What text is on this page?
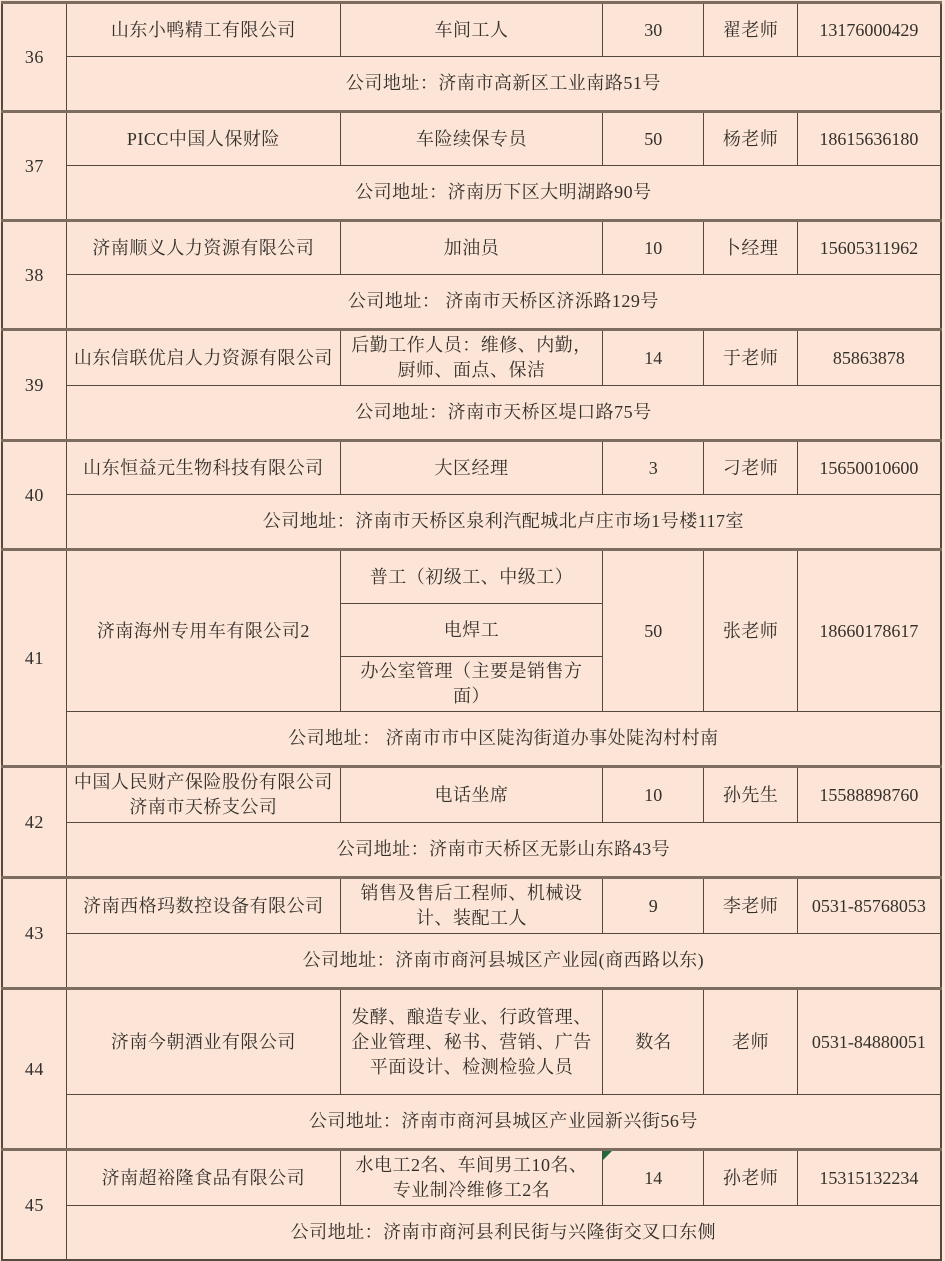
36	山东小鸭精工有限公司	车间工人	30	翟老师	13176000429
	公司地址：济南市高新区工业南路51号				
37	PICC中国人保财险	车险续保专员	50	杨老师	18615636180
	公司地址：济南历下区大明湖路90号				
38	济南顺义人力资源有限公司	加油员	10	卜经理	15605311962
	公司地址： 济南市天桥区济泺路129号				
39	山东信联优启人力资源有限公司	后勤工作人员：维修、内勤，厨师、面点、保洁	14	于老师	85863878
	公司地址：济南市天桥区堤口路75号				
40	山东恒益元生物科技有限公司	大区经理	3	刁老师	15650010600
	公司地址：济南市天桥区泉利汽配城北卢庄市场1号楼117室				
41	济南海州专用车有限公司2	普工（初级工、中级工）	50	张老师	18660178617
		电焊工			
		办公室管理（主要是销售方面）			
	公司地址： 济南市市中区陡沟街道办事处陡沟村村南				
42	中国人民财产保险股份有限公司济南市天桥支公司	电话坐席	10	孙先生	15588898760
	公司地址：济南市天桥区无影山东路43号				
43	济南西格玛数控设备有限公司	销售及售后工程师、机械设计、装配工人	9	李老师	0531-85768053
	公司地址：济南市商河县城区产业园(商西路以东)				
44	济南今朝酒业有限公司	发酵、酿造专业、行政管理、企业管理、秘书、营销、广告平面设计、检测检验人员	数名	老师	0531-84880051
	公司地址：济南市商河县城区产业园新兴街56号				
45	济南超裕隆食品有限公司	水电工2名、车间男工10名、专业制冷维修工2名	14	孙老师	15315132234
	公司地址：济南市商河县利民街与兴隆街交叉口东侧				
